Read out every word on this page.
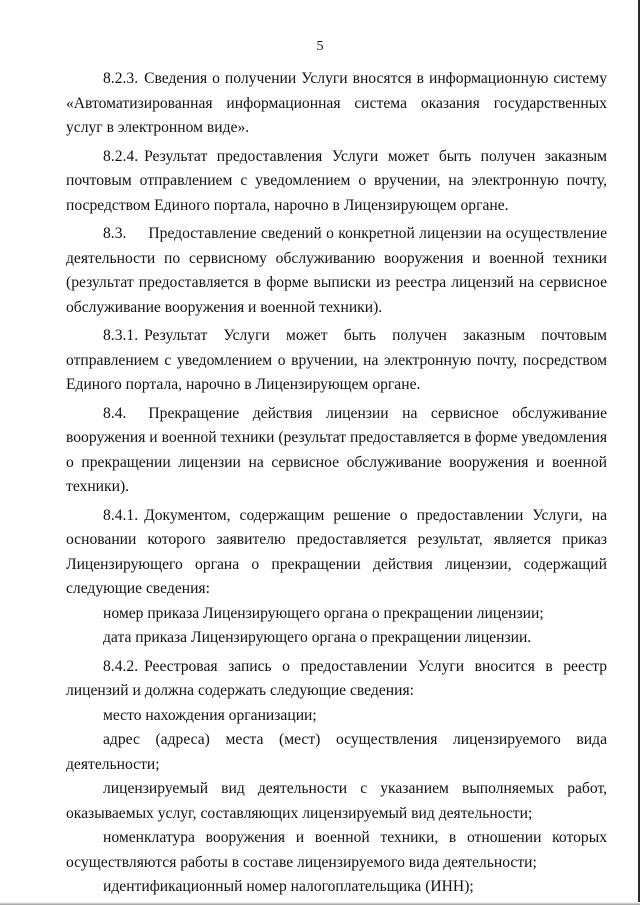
5

8.2.3. Сведения о получении Услуги вносятся в информационную систему «Автоматизированная информационная система оказания государственных услуг в электронном виде».

8.2.4. Результат предоставления Услуги может быть получен заказным почтовым отправлением с уведомлением о вручении, на электронную почту, посредством Единого портала, нарочно в Лицензирующем органе.

8.3. Предоставление сведений о конкретной лицензии на осуществление деятельности по сервисному обслуживанию вооружения и военной техники (результат предоставляется в форме выписки из реестра лицензий на сервисное обслуживание вооружения и военной техники).

8.3.1. Результат Услуги может быть получен заказным почтовым отправлением с уведомлением о вручении, на электронную почту, посредством Единого портала, нарочно в Лицензирующем органе.

8.4. Прекращение действия лицензии на сервисное обслуживание вооружения и военной техники (результат предоставляется в форме уведомления о прекращении лицензии на сервисное обслуживание вооружения и военной техники).

8.4.1. Документом, содержащим решение о предоставлении Услуги, на основании которого заявителю предоставляется результат, является приказ Лицензирующего органа о прекращении действия лицензии, содержащий следующие сведения:

номер приказа Лицензирующего органа о прекращении лицензии;

дата приказа Лицензирующего органа о прекращении лицензии.

8.4.2. Реестровая запись о предоставлении Услуги вносится в реестр лицензий и должна содержать следующие сведения:

место нахождения организации;

адрес (адреса) места (мест) осуществления лицензируемого вида деятельности;

лицензируемый вид деятельности с указанием выполняемых работ, оказываемых услуг, составляющих лицензируемый вид деятельности;

номенклатура вооружения и военной техники, в отношении которых осуществляются работы в составе лицензируемого вида деятельности;

идентификационный номер налогоплательщика (ИНН);
